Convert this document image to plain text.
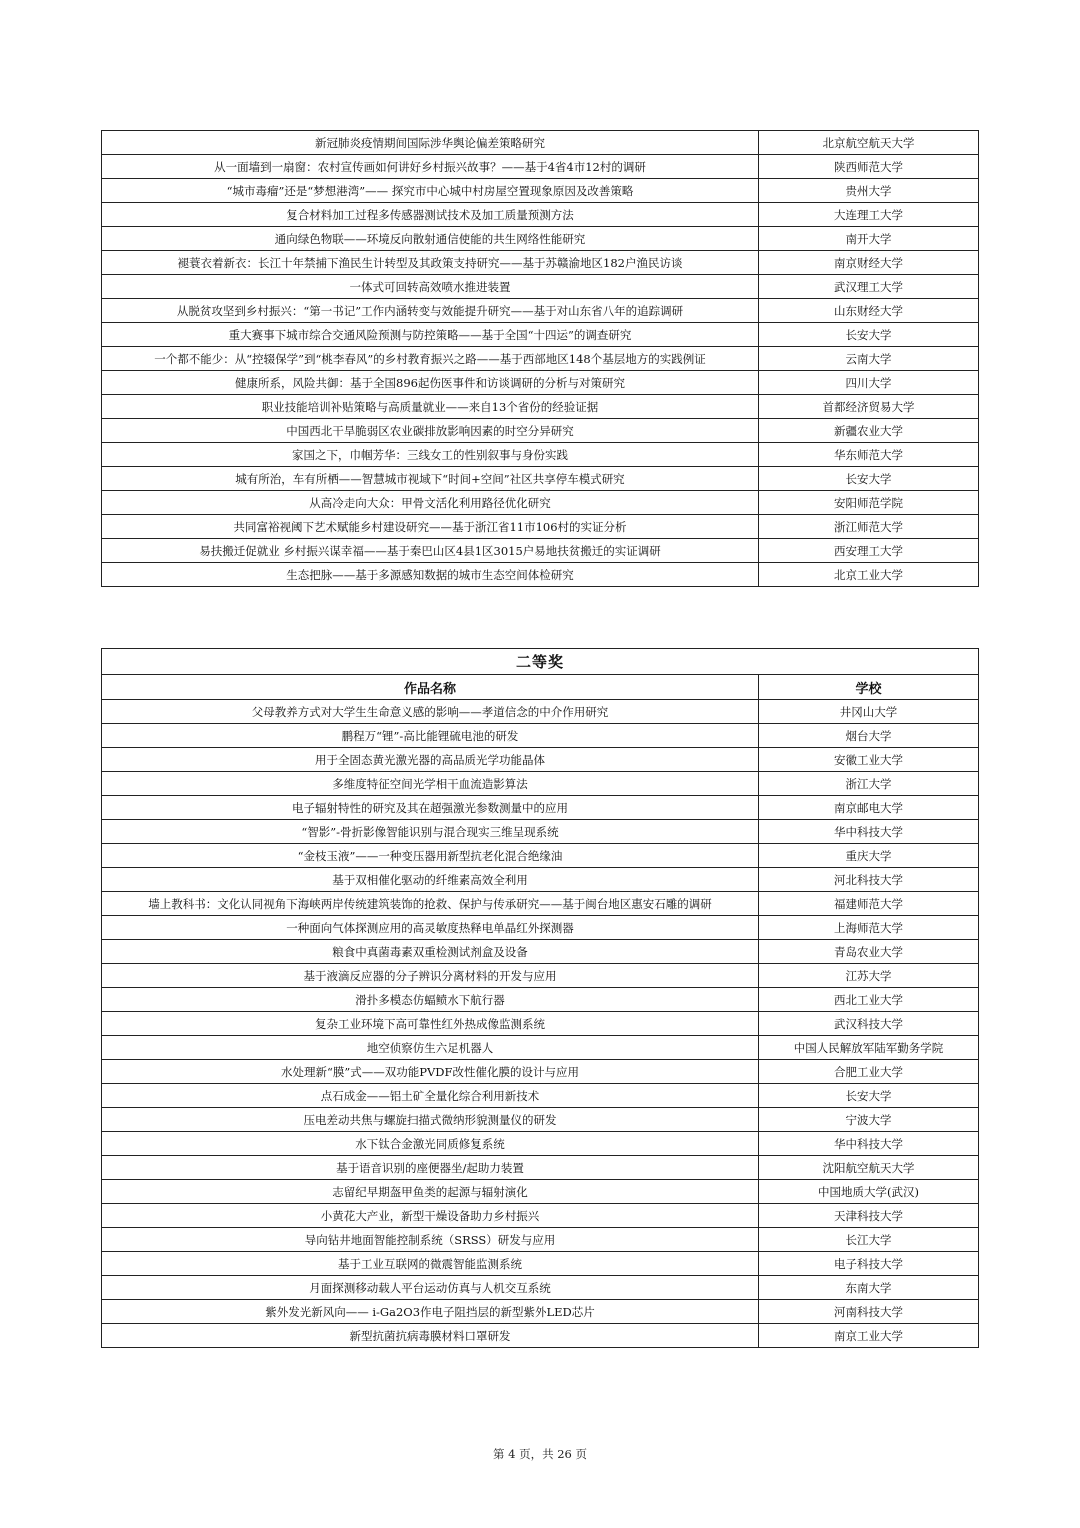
新冠肺炎疫情期间国际涉华舆论偏差策略研究	北京航空航天大学
从一面墙到一扇窗：农村宣传画如何讲好乡村振兴故事？——基于4省4市12村的调研	陕西师范大学
“城市毒瘤”还是“梦想港湾”—— 探究市中心城中村房屋空置现象原因及改善策略	贵州大学
复合材料加工过程多传感器测试技术及加工质量预测方法	大连理工大学
通向绿色物联——环境反向散射通信使能的共生网络性能研究	南开大学
褪蓑衣着新衣：长江十年禁捕下渔民生计转型及其政策支持研究——基于苏赣渝地区182户渔民访谈	南京财经大学
一体式可回转高效喷水推进装置	武汉理工大学
从脱贫攻坚到乡村振兴：“第一书记”工作内涵转变与效能提升研究——基于对山东省八年的追踪调研	山东财经大学
重大赛事下城市综合交通风险预测与防控策略——基于全国“十四运”的调查研究	长安大学
一个都不能少：从“控辍保学”到“桃李春风”的乡村教育振兴之路——基于西部地区148个基层地方的实践例证	云南大学
健康所系，风险共御：基于全国896起伤医事件和访谈调研的分析与对策研究	四川大学
职业技能培训补贴策略与高质量就业——来自13个省份的经验证据	首都经济贸易大学
中国西北干旱脆弱区农业碳排放影响因素的时空分异研究	新疆农业大学
家国之下，巾帼芳华：三线女工的性别叙事与身份实践	华东师范大学
城有所治，车有所栖——智慧城市视域下“时间+空间”社区共享停车模式研究	长安大学
从高冷走向大众：甲骨文活化利用路径优化研究	安阳师范学院
共同富裕视阈下艺术赋能乡村建设研究——基于浙江省11市106村的实证分析	浙江师范大学
易扶搬迁促就业 乡村振兴谋幸福——基于秦巴山区4县1区3015户易地扶贫搬迁的实证调研	西安理工大学
生态把脉——基于多源感知数据的城市生态空间体检研究	北京工业大学
二等奖	
作品名称	学校
父母教养方式对大学生生命意义感的影响——孝道信念的中介作用研究	井冈山大学
鹏程万“锂”-高比能锂硫电池的研发	烟台大学
用于全固态黄光激光器的高品质光学功能晶体	安徽工业大学
多维度特征空间光学相干血流造影算法	浙江大学
电子辐射特性的研究及其在超强激光参数测量中的应用	南京邮电大学
“智影”-骨折影像智能识别与混合现实三维呈现系统	华中科技大学
“金枝玉液”——一种变压器用新型抗老化混合绝缘油	重庆大学
基于双相催化驱动的纤维素高效全利用	河北科技大学
墙上教科书：文化认同视角下海峡两岸传统建筑装饰的抢救、保护与传承研究——基于闽台地区惠安石雕的调研	福建师范大学
一种面向气体探测应用的高灵敏度热释电单晶红外探测器	上海师范大学
粮食中真菌毒素双重检测试剂盒及设备	青岛农业大学
基于液滴反应器的分子辨识分离材料的开发与应用	江苏大学
滑扑多模态仿蝠鲼水下航行器	西北工业大学
复杂工业环境下高可靠性红外热成像监测系统	武汉科技大学
地空侦察仿生六足机器人	中国人民解放军陆军勤务学院
水处理新“膜”式——双功能PVDF改性催化膜的设计与应用	合肥工业大学
点石成金——铝土矿全量化综合利用新技术	长安大学
压电差动共焦与螺旋扫描式微纳形貌测量仪的研发	宁波大学
水下钛合金激光同质修复系统	华中科技大学
基于语音识别的座便器坐/起助力装置	沈阳航空航天大学
志留纪早期盔甲鱼类的起源与辐射演化	中国地质大学(武汉)
小黄花大产业，新型干燥设备助力乡村振兴	天津科技大学
导向钻井地面智能控制系统（SRSS）研发与应用	长江大学
基于工业互联网的微震智能监测系统	电子科技大学
月面探测移动载人平台运动仿真与人机交互系统	东南大学
紫外发光新风向—— i-Ga2O3作电子阻挡层的新型紫外LED芯片	河南科技大学
新型抗菌抗病毒膜材料口罩研发	南京工业大学
第 4 页，共 26 页
